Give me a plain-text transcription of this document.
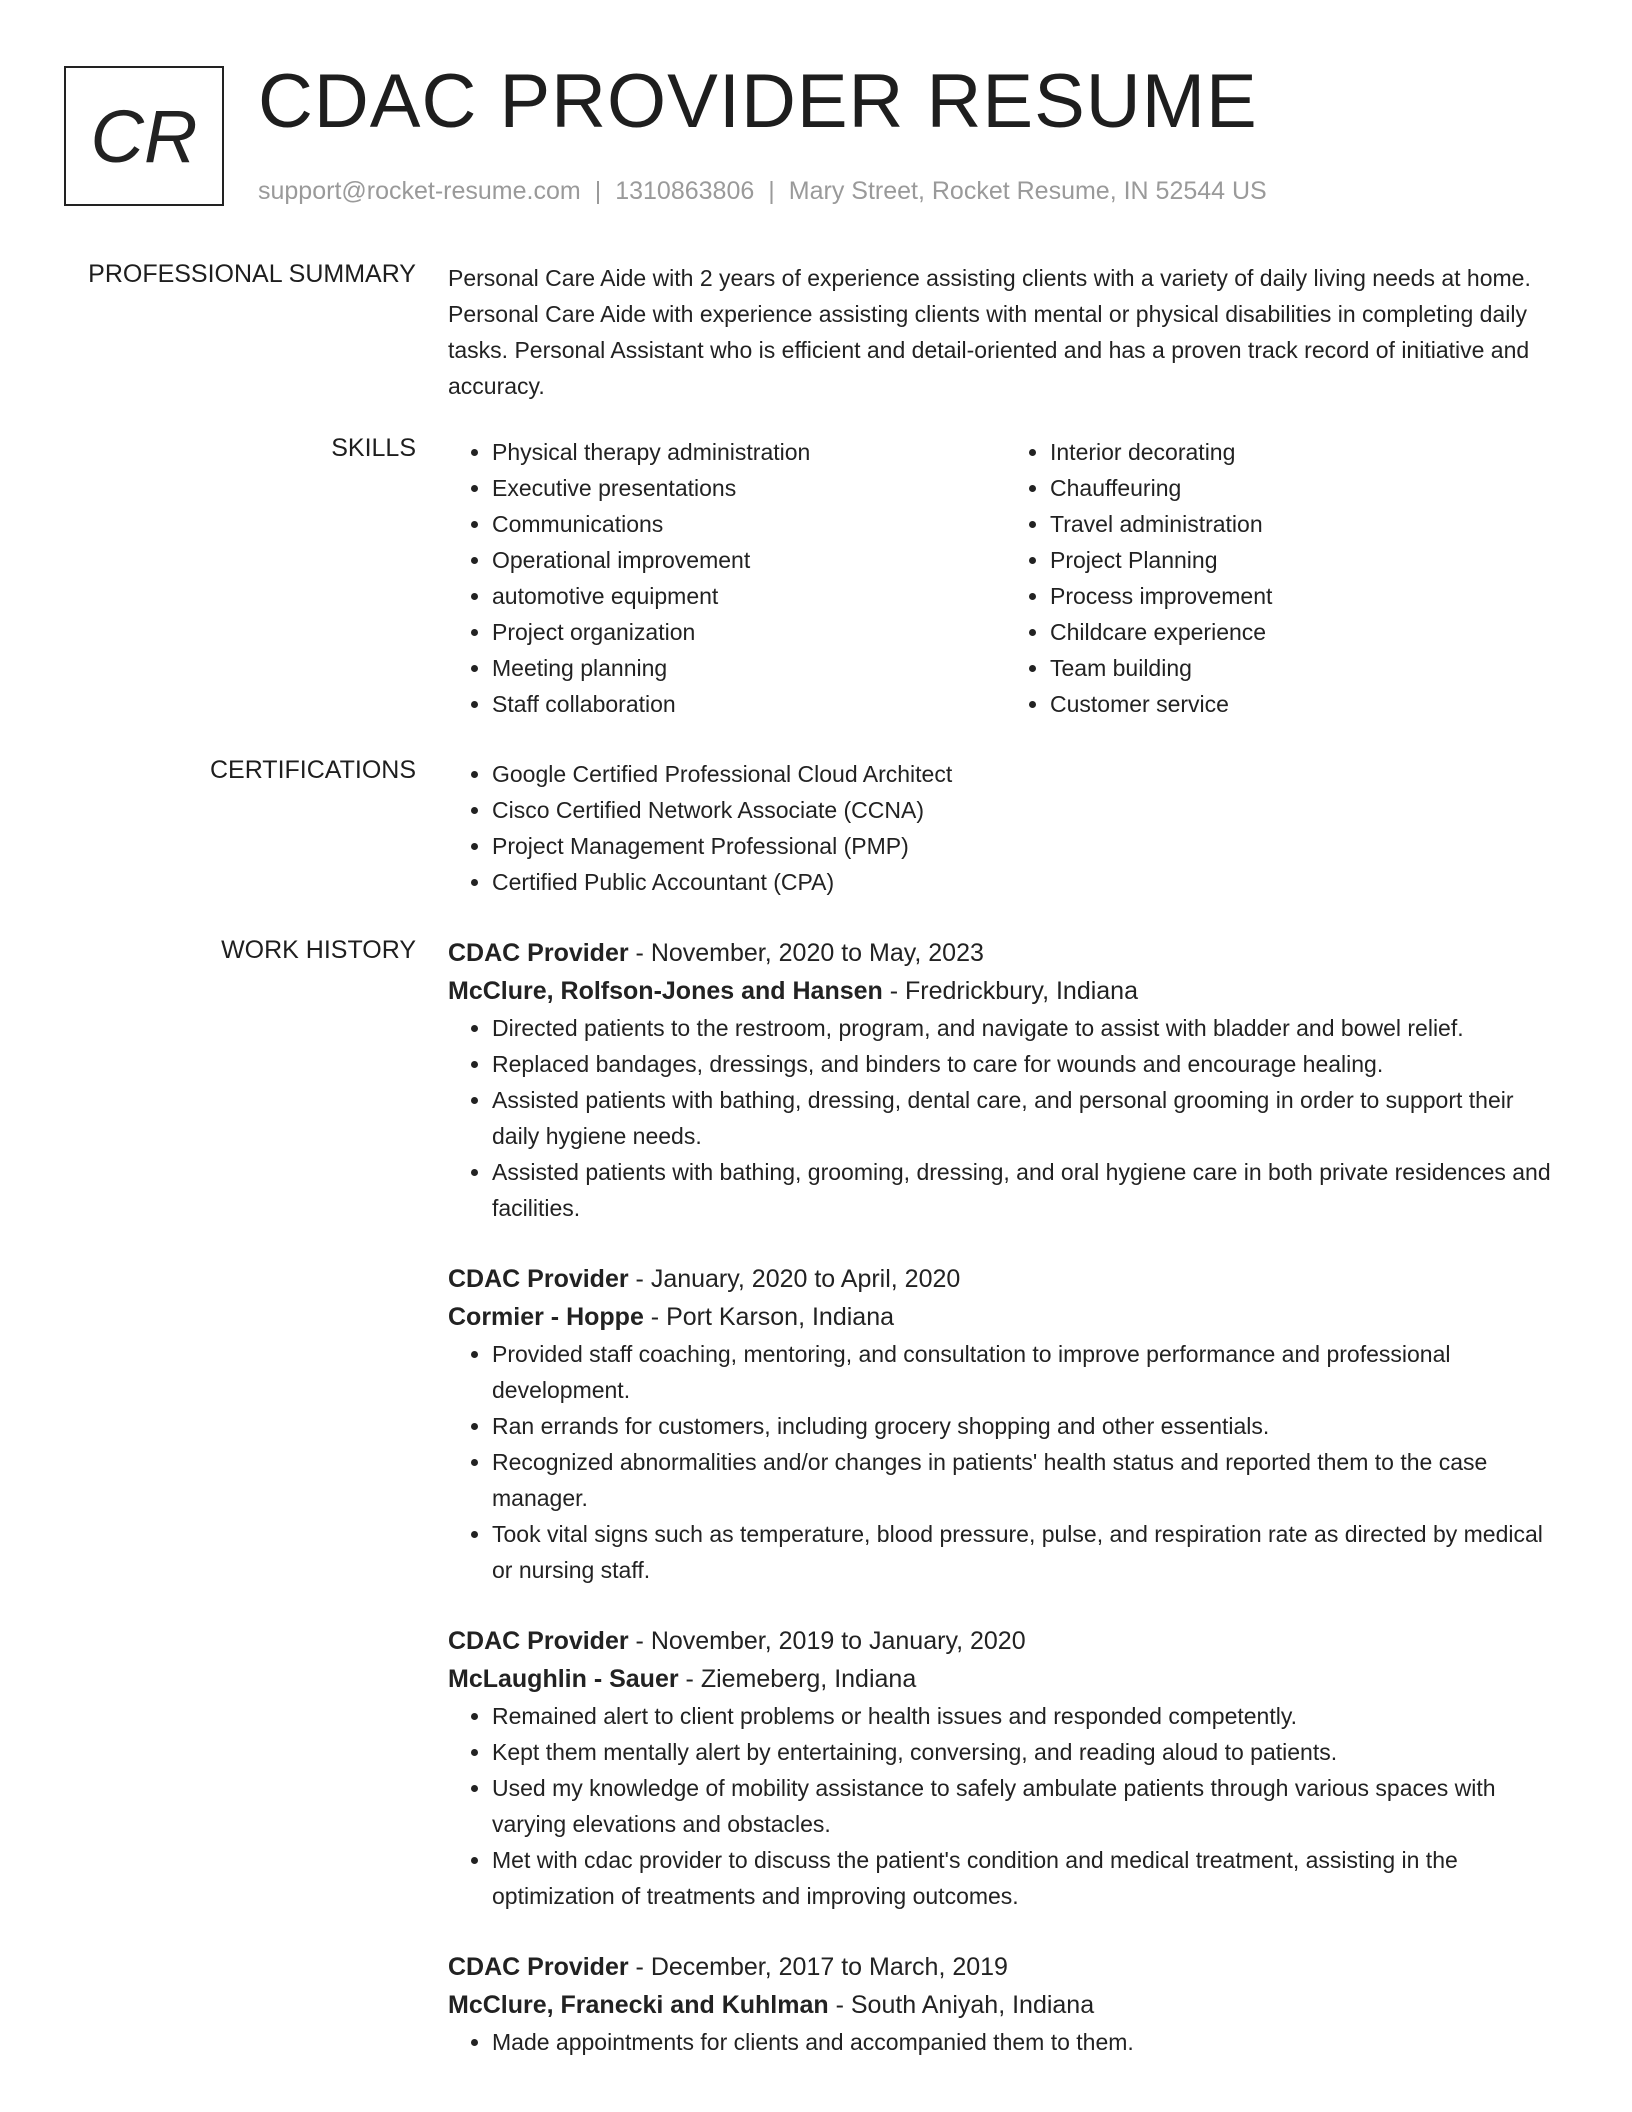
CR CDAC PROVIDER RESUME
support@rocket-resume.com | 1310863806 | Mary Street, Rocket Resume, IN 52544 US
PROFESSIONAL SUMMARY Personal Care Aide with 2 years of experience assisting clients with a variety of daily living needs at home. Personal Care Aide with experience assisting clients with mental or physical disabilities in completing daily tasks. Personal Assistant who is efficient and detail-oriented and has a proven track record of initiative and accuracy.

SKILLS	• Physical therapy administration
• Executive presentations
• Communications
• Operational improvement
• automotive equipment
• Project organization
• Meeting planning
• Staff collaboration
• Interior decorating
• Chauffeuring
• Travel administration
• Project Planning
• Process improvement
• Childcare experience
• Team building
• Customer service
CERTIFICATIONS	• Google Certified Professional Cloud Architect
• Cisco Certified Network Associate (CCNA)
• Project Management Professional (PMP)
• Certified Public Accountant (CPA)
WORK HISTORY CDAC Provider - November, 2020 to May, 2023
McClure, Rolfson-Jones and Hansen - Fredrickbury, Indiana
• Directed patients to the restroom, program, and navigate to assist with bladder and bowel relief.
• Replaced bandages, dressings, and binders to care for wounds and encourage healing.
• Assisted patients with bathing, dressing, dental care, and personal grooming in order to support their daily hygiene needs.
• Assisted patients with bathing, grooming, dressing, and oral hygiene care in both private residences and facilities.
CDAC Provider - January, 2020 to April, 2020
Cormier - Hoppe - Port Karson, Indiana
• Provided staff coaching, mentoring, and consultation to improve performance and professional development.
• Ran errands for customers, including grocery shopping and other essentials.
• Recognized abnormalities and/or changes in patients' health status and reported them to the case manager.
• Took vital signs such as temperature, blood pressure, pulse, and respiration rate as directed by medical or nursing staff.
CDAC Provider - November, 2019 to January, 2020
McLaughlin - Sauer - Ziemeberg, Indiana
• Remained alert to client problems or health issues and responded competently.
• Kept them mentally alert by entertaining, conversing, and reading aloud to patients.
• Used my knowledge of mobility assistance to safely ambulate patients through various spaces with varying elevations and obstacles.
• Met with cdac provider to discuss the patient's condition and medical treatment, assisting in the optimization of treatments and improving outcomes.
CDAC Provider - December, 2017 to March, 2019
McClure, Franecki and Kuhlman - South Aniyah, Indiana
• Made appointments for clients and accompanied them to them.
